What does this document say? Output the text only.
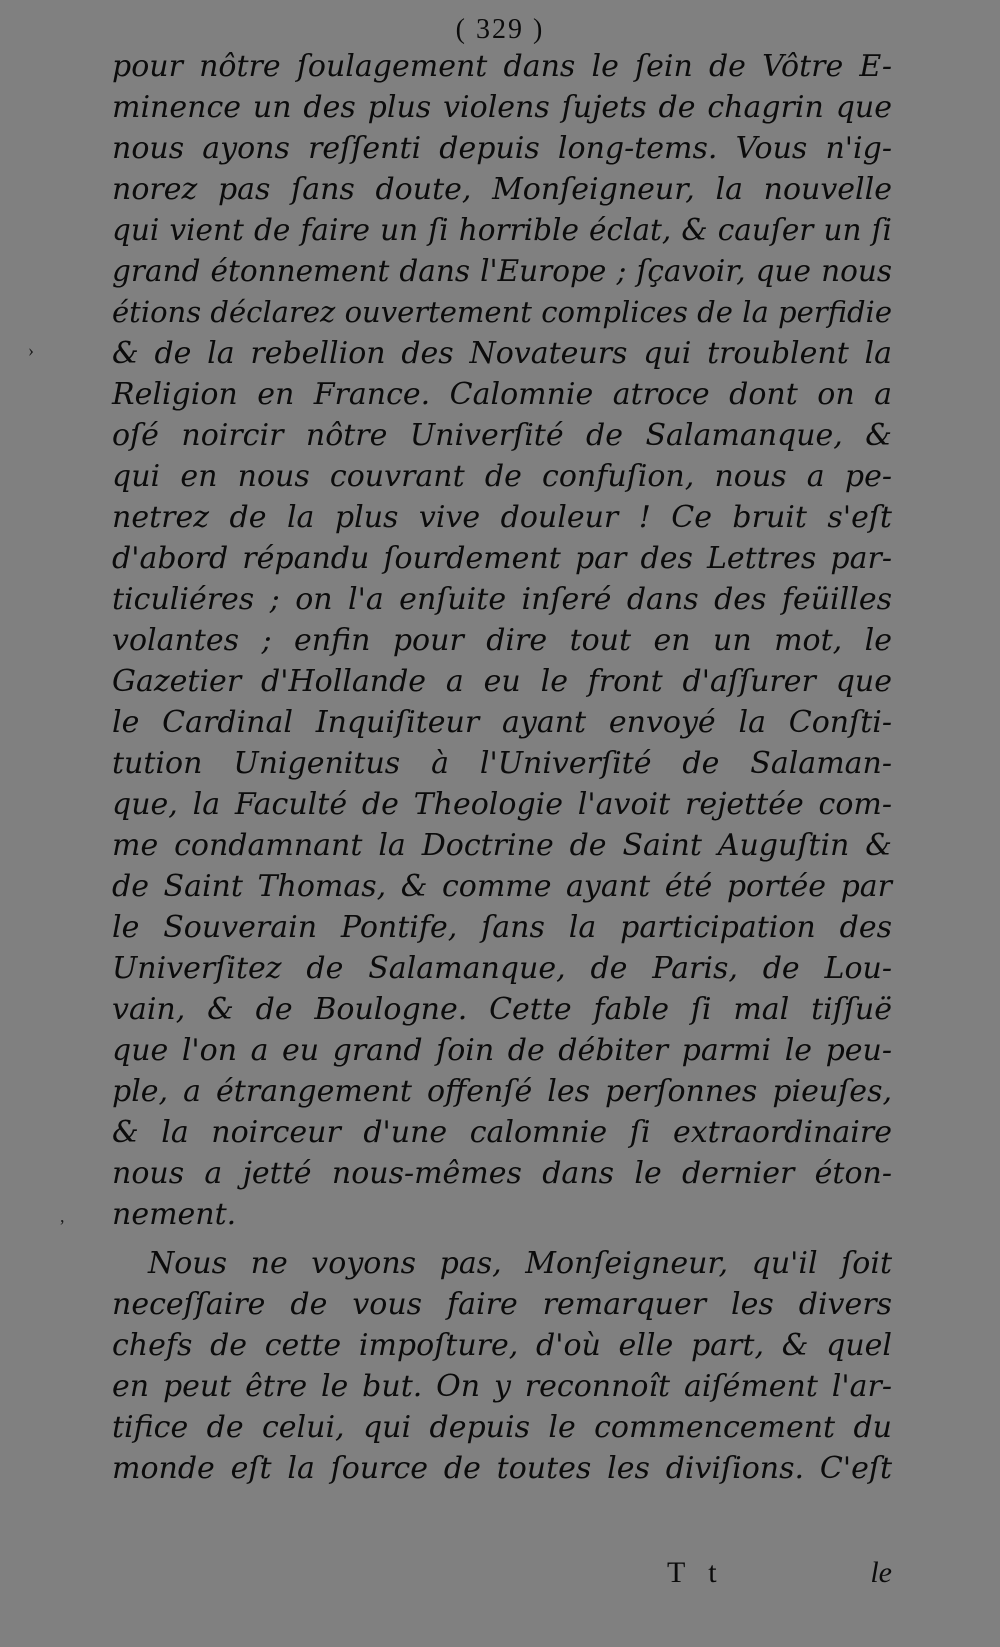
( 329 )
pour nôtre ſoulagement dans le ſein de Vôtre E-
minence un des plus violens ſujets de chagrin que
nous ayons reſſenti depuis long-tems. Vous n'ig-
norez pas ſans doute, Monſeigneur, la nouvelle
qui vient de faire un ſi horrible éclat, & cauſer un ſi
grand étonnement dans l'Europe ; ſçavoir, que nous
étions déclarez ouvertement complices de la perfidie
& de la rebellion des Novateurs qui troublent la
Religion en France. Calomnie atroce dont on a
oſé noircir nôtre Univerſité de Salamanque, &
qui en nous couvrant de confuſion, nous a pe-
netrez de la plus vive douleur ! Ce bruit s'eſt
d'abord répandu ſourdement par des Lettres par-
ticuliéres ; on l'a enſuite inſeré dans des feüilles
volantes ; enfin pour dire tout en un mot, le
Gazetier d'Hollande a eu le front d'aſſurer que
le Cardinal Inquiſiteur ayant envoyé la Conſti-
tution Unigenitus à l'Univerſité de Salaman-
que, la Faculté de Theologie l'avoit rejettée com-
me condamnant la Doctrine de Saint Auguſtin &
de Saint Thomas, & comme ayant été portée par
le Souverain Pontife, ſans la participation des
Univerſitez de Salamanque, de Paris, de Lou-
vain, & de Boulogne. Cette fable ſi mal tiſſuë
que l'on a eu grand ſoin de débiter parmi le peu-
ple, a étrangement offenſé les perſonnes pieuſes,
& la noirceur d'une calomnie ſi extraordinaire
nous a jetté nous-mêmes dans le dernier éton-
nement.
Nous ne voyons pas, Monſeigneur, qu'il ſoit
neceſſaire de vous faire remarquer les divers
chefs de cette impoſture, d'où elle part, & quel
en peut être le but. On y reconnoît aiſément l'ar-
tifice de celui, qui depuis le commencement du
monde eſt la ſource de toutes les diviſions. C'eſt
T t	le
›
,
